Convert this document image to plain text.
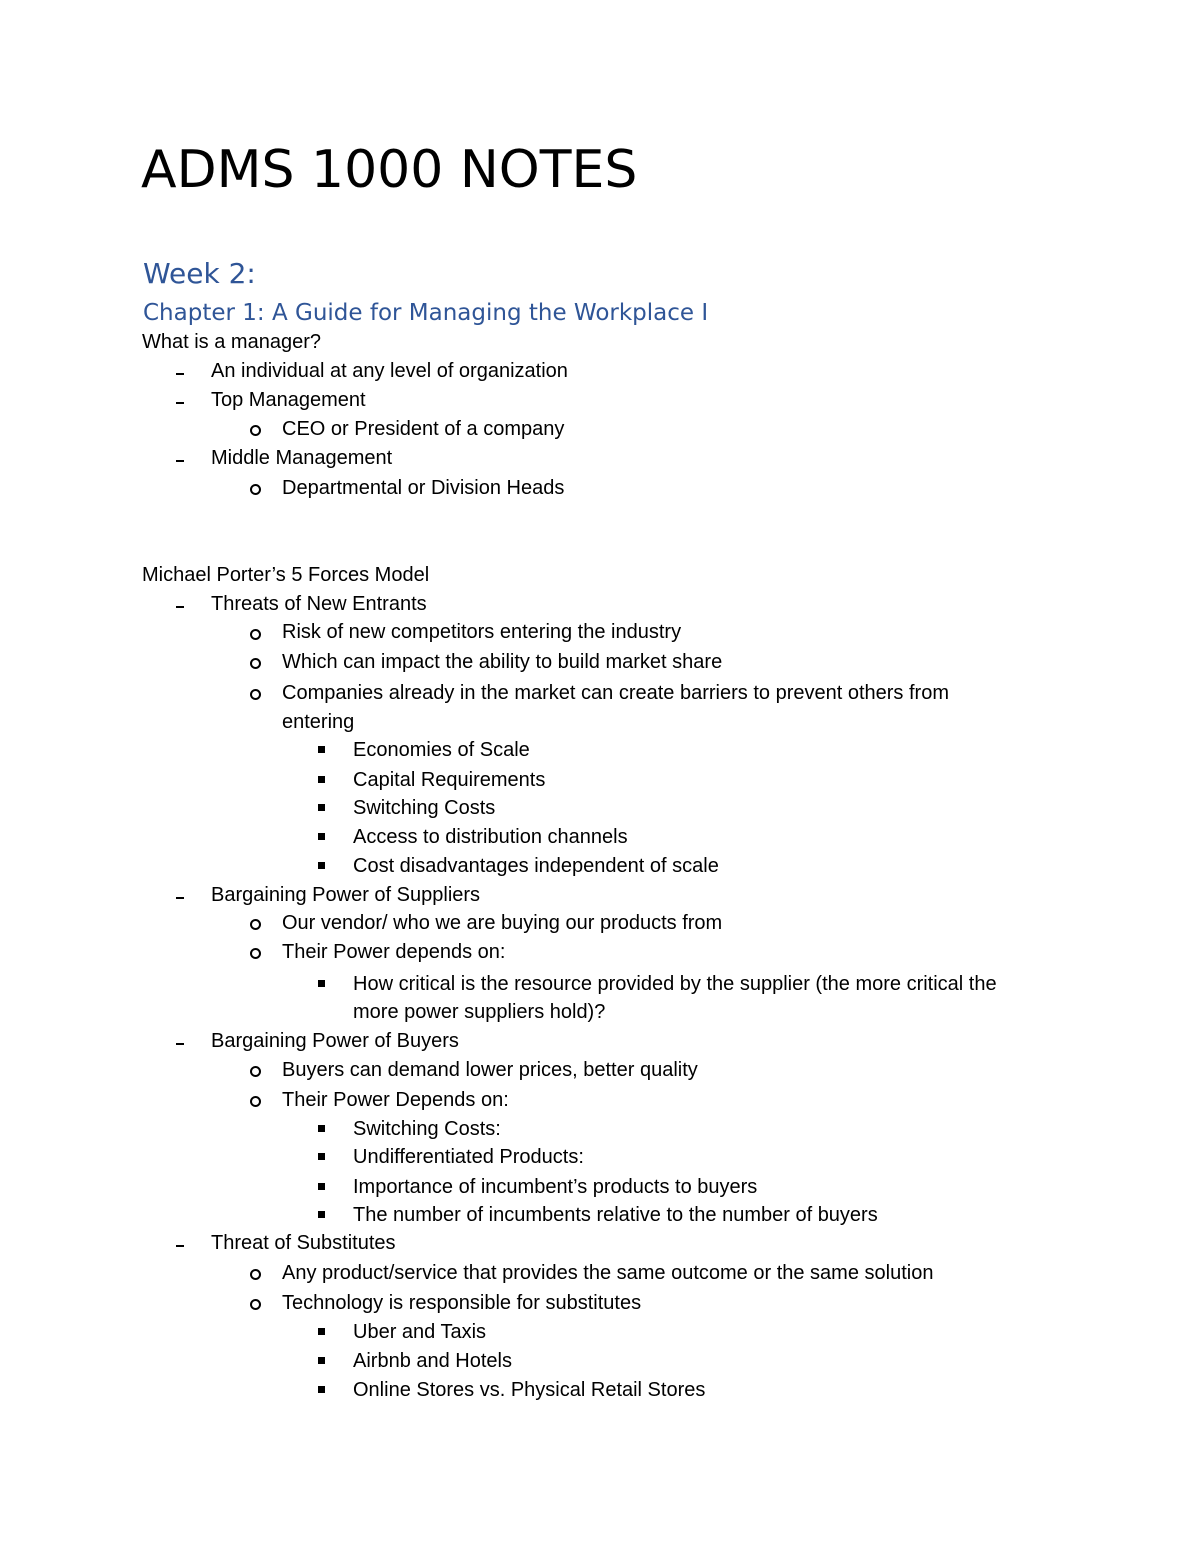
ADMS 1000 NOTES
Week 2:
Chapter 1: A Guide for Managing the Workplace I
What is a manager?
An individual at any level of organization
Top Management
CEO or President of a company
Middle Management
Departmental or Division Heads
Michael Porter’s 5 Forces Model
Threats of New Entrants
Risk of new competitors entering the industry
Which can impact the ability to build market share
Companies already in the market can create barriers to prevent others from
entering
Economies of Scale
Capital Requirements
Switching Costs
Access to distribution channels
Cost disadvantages independent of scale
Bargaining Power of Suppliers
Our vendor/ who we are buying our products from
Their Power depends on:
How critical is the resource provided by the supplier (the more critical the
more power suppliers hold)?
Bargaining Power of Buyers
Buyers can demand lower prices, better quality
Their Power Depends on:
Switching Costs:
Undifferentiated Products:
Importance of incumbent’s products to buyers
The number of incumbents relative to the number of buyers
Threat of Substitutes
Any product/service that provides the same outcome or the same solution
Technology is responsible for substitutes
Uber and Taxis
Airbnb and Hotels
Online Stores vs. Physical Retail Stores
